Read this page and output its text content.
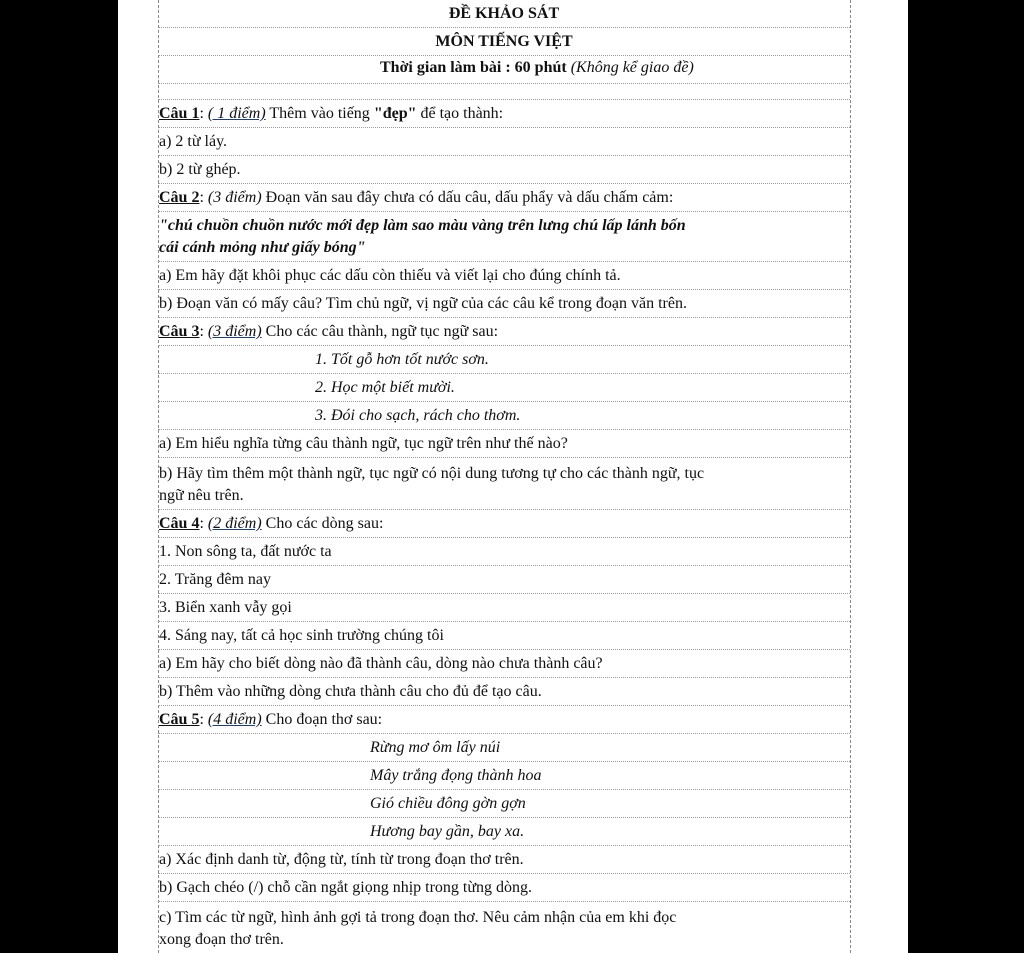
ĐỀ KHẢO SÁT
MÔN TIẾNG VIỆT
Thời gian làm bài : 60 phút (Không kể giao đề)
Câu 1: ( 1 điểm) Thêm vào tiếng "đẹp" để tạo thành:
a) 2 từ láy.
b) 2 từ ghép.
Câu 2: (3 điểm) Đoạn văn sau đây chưa có dấu câu, dấu phẩy và dấu chấm cảm:
"chú chuồn chuồn nước mới đẹp làm sao màu vàng trên lưng chú lấp lánh bốn
cái cánh mỏng như giấy bóng"
a) Em hãy đặt khôi phục các dấu còn thiếu và viết lại cho đúng chính tả.
b) Đoạn văn có mấy câu? Tìm chủ ngữ, vị ngữ của các câu kể trong đoạn văn trên.
Câu 3: (3 điểm) Cho các câu thành, ngữ tục ngữ sau:
1. Tốt gỗ hơn tốt nước sơn.
2. Học một biết mười.
3. Đói cho sạch, rách cho thơm.
a) Em hiểu nghĩa từng câu thành ngữ, tục ngữ trên như thế nào?
b) Hãy tìm thêm một thành ngữ, tục ngữ có nội dung tương tự cho các thành ngữ, tục
ngữ nêu trên.
Câu 4: (2 điểm) Cho các dòng sau:
1. Non sông ta, đất nước ta
2. Trăng đêm nay
3. Biển xanh vẫy gọi
4. Sáng nay, tất cả học sinh trường chúng tôi
a) Em hãy cho biết dòng nào đã thành câu, dòng nào chưa thành câu?
b) Thêm vào những dòng chưa thành câu cho đủ để tạo câu.
Câu 5: (4 điểm) Cho đoạn thơ sau:
Rừng mơ ôm lấy núi
Mây trắng đọng thành hoa
Gió chiều đông gờn gợn
Hương bay gần, bay xa.
a) Xác định danh từ, động từ, tính từ trong đoạn thơ trên.
b) Gạch chéo (/) chỗ cần ngắt giọng nhịp trong từng dòng.
c) Tìm các từ ngữ, hình ảnh gợi tả trong đoạn thơ. Nêu cảm nhận của em khi đọc
xong đoạn thơ trên.
